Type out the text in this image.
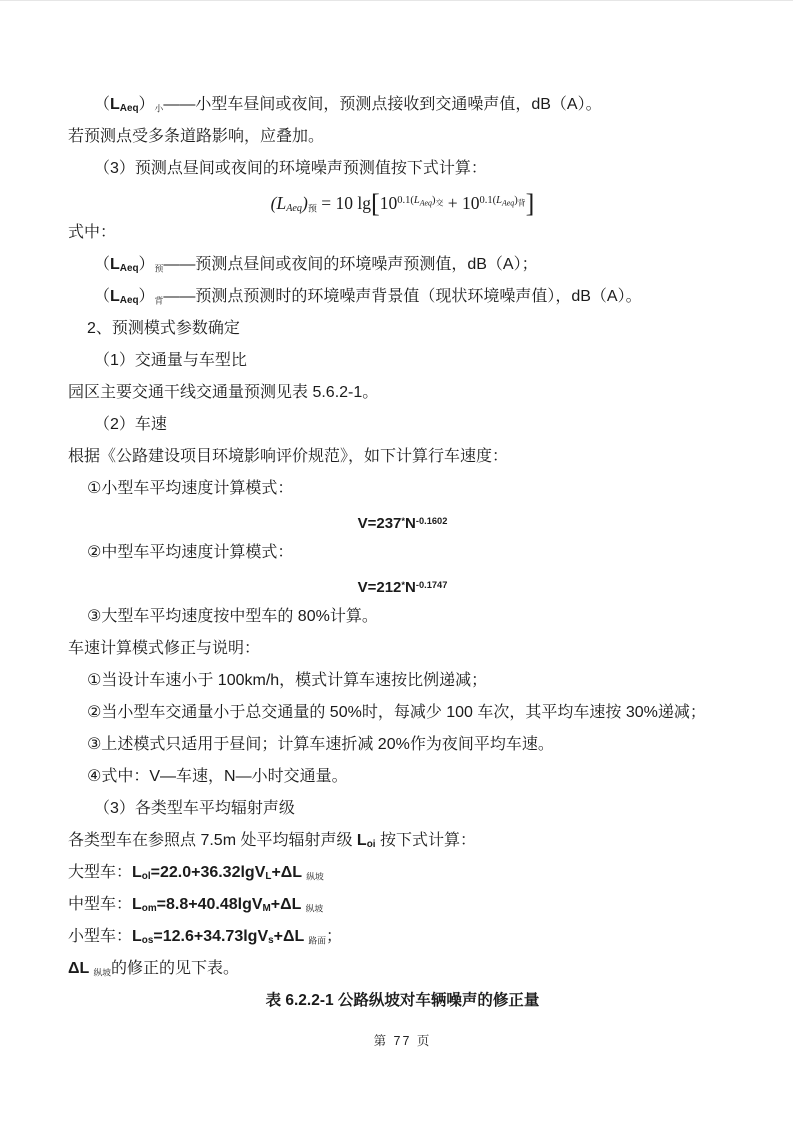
（LAeq）小——小型车昼间或夜间，预测点接收到交通噪声值，dB（A）。
若预测点受多条道路影响，应叠加。
（3）预测点昼间或夜间的环境噪声预测值按下式计算：
(LAeq)预 = 10 $\lg[10^{0.1(L}Aeq^)$交 + $10^{0.1(L}Aeq^)$背]
式中：
（LAeq）预——预测点昼间或夜间的环境噪声预测值，dB（A）；
（LAeq）背——预测点预测时的环境噪声背景值（现状环境噪声值），dB（A）。
2、预测模式参数确定
（1）交通量与车型比
园区主要交通干线交通量预测见表 5.6.2-1。
（2）车速
根据《公路建设项目环境影响评价规范》，如下计算行车速度：
①小型车平均速度计算模式：
$V=237^*N^{-0.1602}$
②中型车平均速度计算模式：
$V=212^*N^{-0.1747}$
③大型车平均速度按中型车的 80%计算。
车速计算模式修正与说明：
①当设计车速小于 100km/h，模式计算车速按比例递减；
②当小型车交通量小于总交通量的 50%时，每减少 100 车次，其平均车速按 30%递减；
③上述模式只适用于昼间；计算车速折减 20%作为夜间平均车速。
④式中：V—车速，N—小时交通量。
（3）各类型车平均辐射声级
各类型车在参照点 7.5m 处平均辐射声级 Loi 按下式计算：
大型车：Lol=22.0+36.32lgVL+ΔL 纵坡
中型车：Lom=8.8+40.48lgVM+ΔL 纵坡
小型车：Los=12.6+34.73lgVs+ΔL 路面；
ΔL 纵坡的修正的见下表。
表 6.2.2-1 公路纵坡对车辆噪声的修正量
第 77 页
